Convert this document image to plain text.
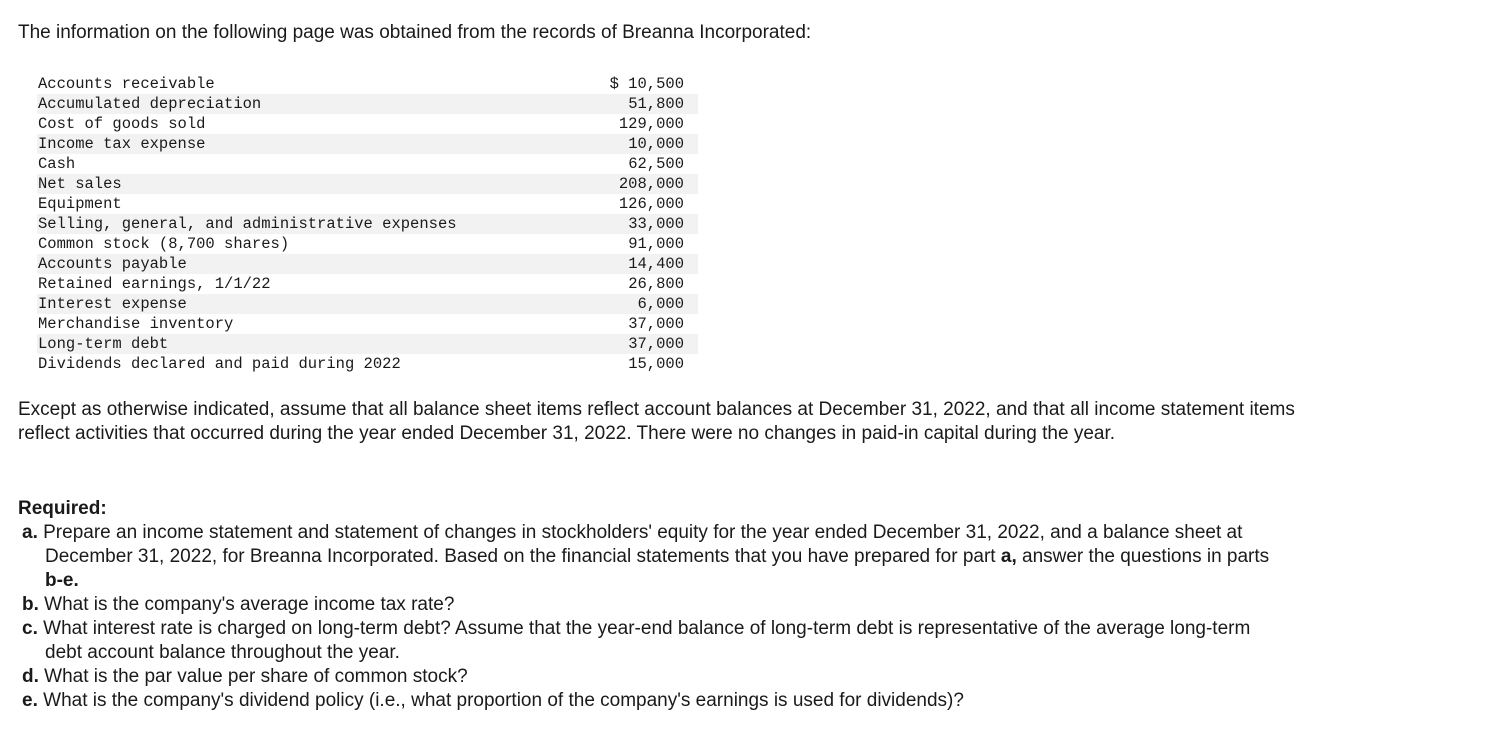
The information on the following page was obtained from the records of Breanna Incorporated:

Accounts receivable	$ 10,500
Accumulated depreciation	51,800
Cost of goods sold	129,000
Income tax expense	10,000
Cash	62,500
Net sales	208,000
Equipment	126,000
Selling, general, and administrative expenses	33,000
Common stock (8,700 shares)	91,000
Accounts payable	14,400
Retained earnings, 1/1/22	26,800
Interest expense	6,000
Merchandise inventory	37,000
Long-term debt	37,000
Dividends declared and paid during 2022	15,000

Except as otherwise indicated, assume that all balance sheet items reflect account balances at December 31, 2022, and that all income statement items reflect activities that occurred during the year ended December 31, 2022. There were no changes in paid-in capital during the year.

Required:

a. Prepare an income statement and statement of changes in stockholders' equity for the year ended December 31, 2022, and a balance sheet at December 31, 2022, for Breanna Incorporated. Based on the financial statements that you have prepared for part a, answer the questions in parts b-e.
b. What is the company's average income tax rate?
c. What interest rate is charged on long-term debt? Assume that the year-end balance of long-term debt is representative of the average long-term debt account balance throughout the year.
d. What is the par value per share of common stock?
e. What is the company's dividend policy (i.e., what proportion of the company's earnings is used for dividends)?
